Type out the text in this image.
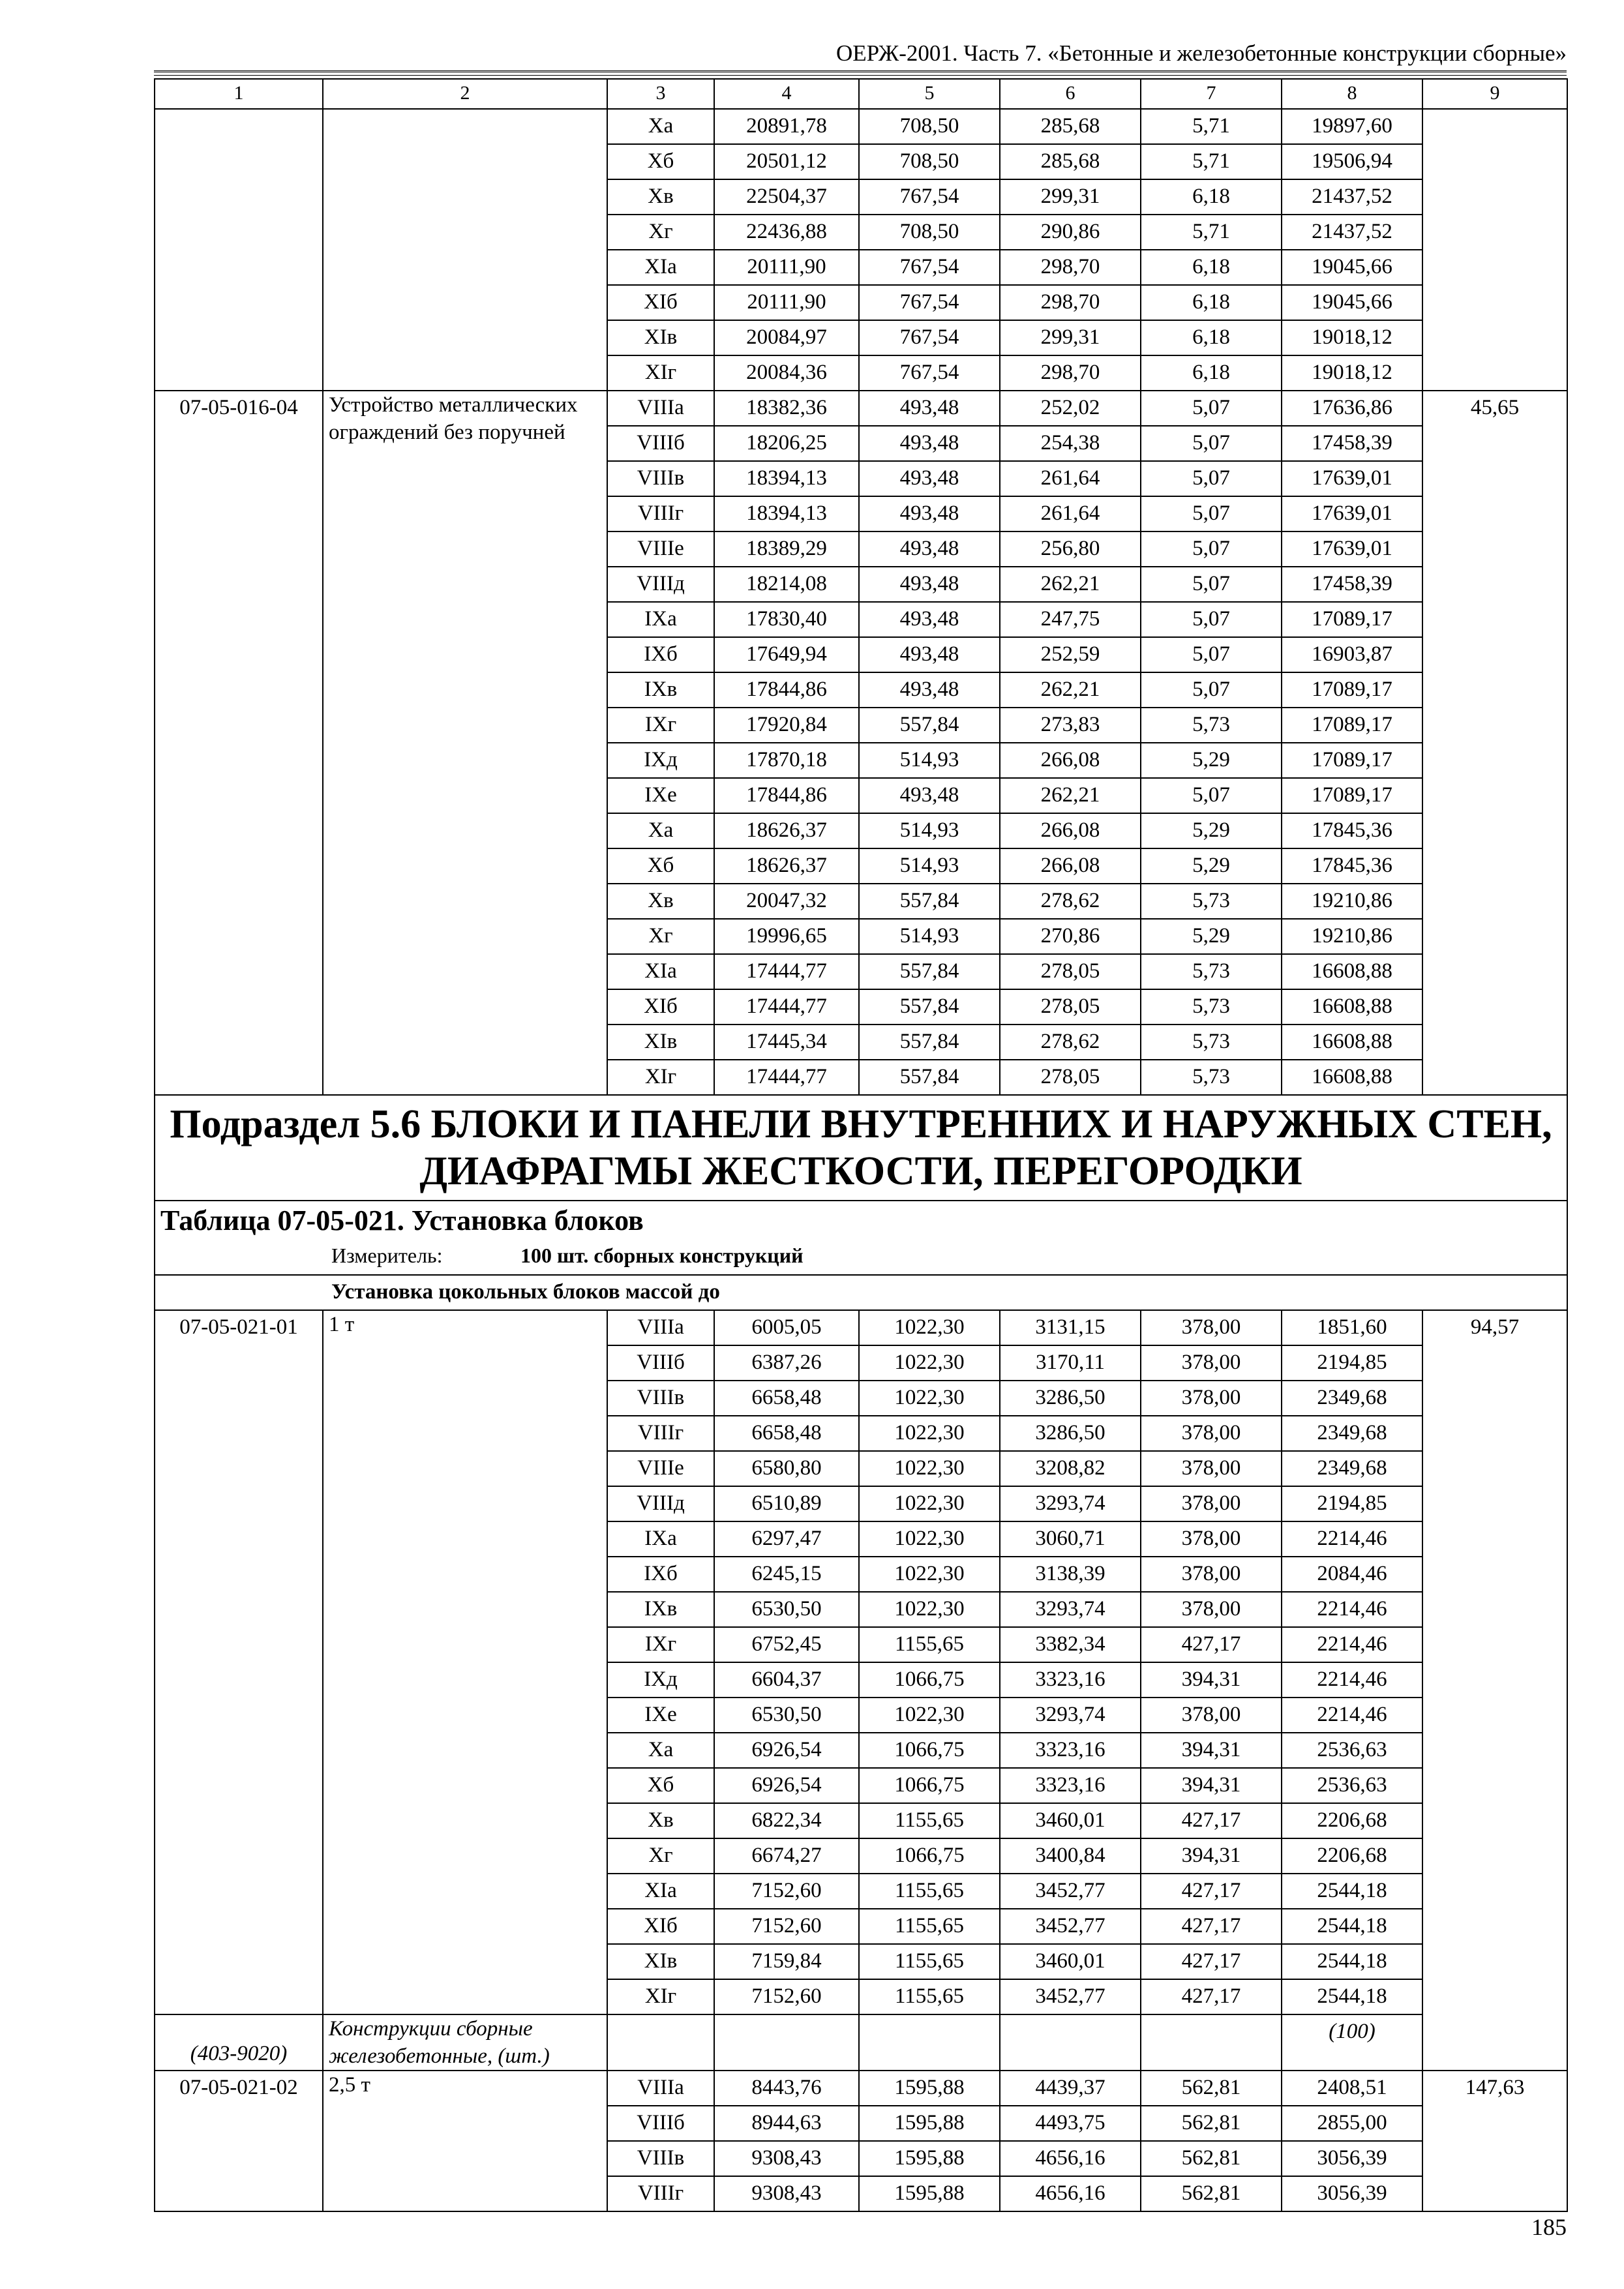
ОЕРЖ-2001. Часть 7. «Бетонные и железобетонные конструкции сборные»
1	2	3	4	5	6	7	8	9
		Ха	20891,78	708,50	285,68	5,71	19897,60	
		Хб	20501,12	708,50	285,68	5,71	19506,94	
		Хв	22504,37	767,54	299,31	6,18	21437,52	
		Хг	22436,88	708,50	290,86	5,71	21437,52	
		ХIа	20111,90	767,54	298,70	6,18	19045,66	
		ХIб	20111,90	767,54	298,70	6,18	19045,66	
		ХIв	20084,97	767,54	299,31	6,18	19018,12	
		ХIг	20084,36	767,54	298,70	6,18	19018,12	
07-05-016-04	Устройство металлических ограждений без поручней	VIIIа	18382,36	493,48	252,02	5,07	17636,86	45,65
		VIIIб	18206,25	493,48	254,38	5,07	17458,39	
		VIIIв	18394,13	493,48	261,64	5,07	17639,01	
		VIIIг	18394,13	493,48	261,64	5,07	17639,01	
		VIIIе	18389,29	493,48	256,80	5,07	17639,01	
		VIIIд	18214,08	493,48	262,21	5,07	17458,39	
		IХа	17830,40	493,48	247,75	5,07	17089,17	
		IХб	17649,94	493,48	252,59	5,07	16903,87	
		IХв	17844,86	493,48	262,21	5,07	17089,17	
		IХг	17920,84	557,84	273,83	5,73	17089,17	
		IХд	17870,18	514,93	266,08	5,29	17089,17	
		IХе	17844,86	493,48	262,21	5,07	17089,17	
		Ха	18626,37	514,93	266,08	5,29	17845,36	
		Хб	18626,37	514,93	266,08	5,29	17845,36	
		Хв	20047,32	557,84	278,62	5,73	19210,86	
		Хг	19996,65	514,93	270,86	5,29	19210,86	
		ХIа	17444,77	557,84	278,05	5,73	16608,88	
		ХIб	17444,77	557,84	278,05	5,73	16608,88	
		ХIв	17445,34	557,84	278,62	5,73	16608,88	
		ХIг	17444,77	557,84	278,05	5,73	16608,88	
Подраздел 5.6 БЛОКИ И ПАНЕЛИ ВНУТРЕННИХ И НАРУЖНЫХ СТЕН, ДИАФРАГМЫ ЖЕСТКОСТИ, ПЕРЕГОРОДКИ								
Таблица 07-05-021. Установка блоков								
Измеритель: 100 шт. сборных конструкций								
Установка цокольных блоков массой до								
07-05-021-01	1 т	VIIIа	6005,05	1022,30	3131,15	378,00	1851,60	94,57
		VIIIб	6387,26	1022,30	3170,11	378,00	2194,85	
		VIIIв	6658,48	1022,30	3286,50	378,00	2349,68	
		VIIIг	6658,48	1022,30	3286,50	378,00	2349,68	
		VIIIе	6580,80	1022,30	3208,82	378,00	2349,68	
		VIIIд	6510,89	1022,30	3293,74	378,00	2194,85	
		IХа	6297,47	1022,30	3060,71	378,00	2214,46	
		IХб	6245,15	1022,30	3138,39	378,00	2084,46	
		IХв	6530,50	1022,30	3293,74	378,00	2214,46	
		IХг	6752,45	1155,65	3382,34	427,17	2214,46	
		IХд	6604,37	1066,75	3323,16	394,31	2214,46	
		IХе	6530,50	1022,30	3293,74	378,00	2214,46	
		Ха	6926,54	1066,75	3323,16	394,31	2536,63	
		Хб	6926,54	1066,75	3323,16	394,31	2536,63	
		Хв	6822,34	1155,65	3460,01	427,17	2206,68	
		Хг	6674,27	1066,75	3400,84	394,31	2206,68	
		ХIа	7152,60	1155,65	3452,77	427,17	2544,18	
		ХIб	7152,60	1155,65	3452,77	427,17	2544,18	
		ХIв	7159,84	1155,65	3460,01	427,17	2544,18	
		ХIг	7152,60	1155,65	3452,77	427,17	2544,18	
(403-9020)	Конструкции сборные железобетонные, (шт.)						(100)	
07-05-021-02	2,5 т	VIIIа	8443,76	1595,88	4439,37	562,81	2408,51	147,63
		VIIIб	8944,63	1595,88	4493,75	562,81	2855,00	
		VIIIв	9308,43	1595,88	4656,16	562,81	3056,39	
		VIIIг	9308,43	1595,88	4656,16	562,81	3056,39	
185
